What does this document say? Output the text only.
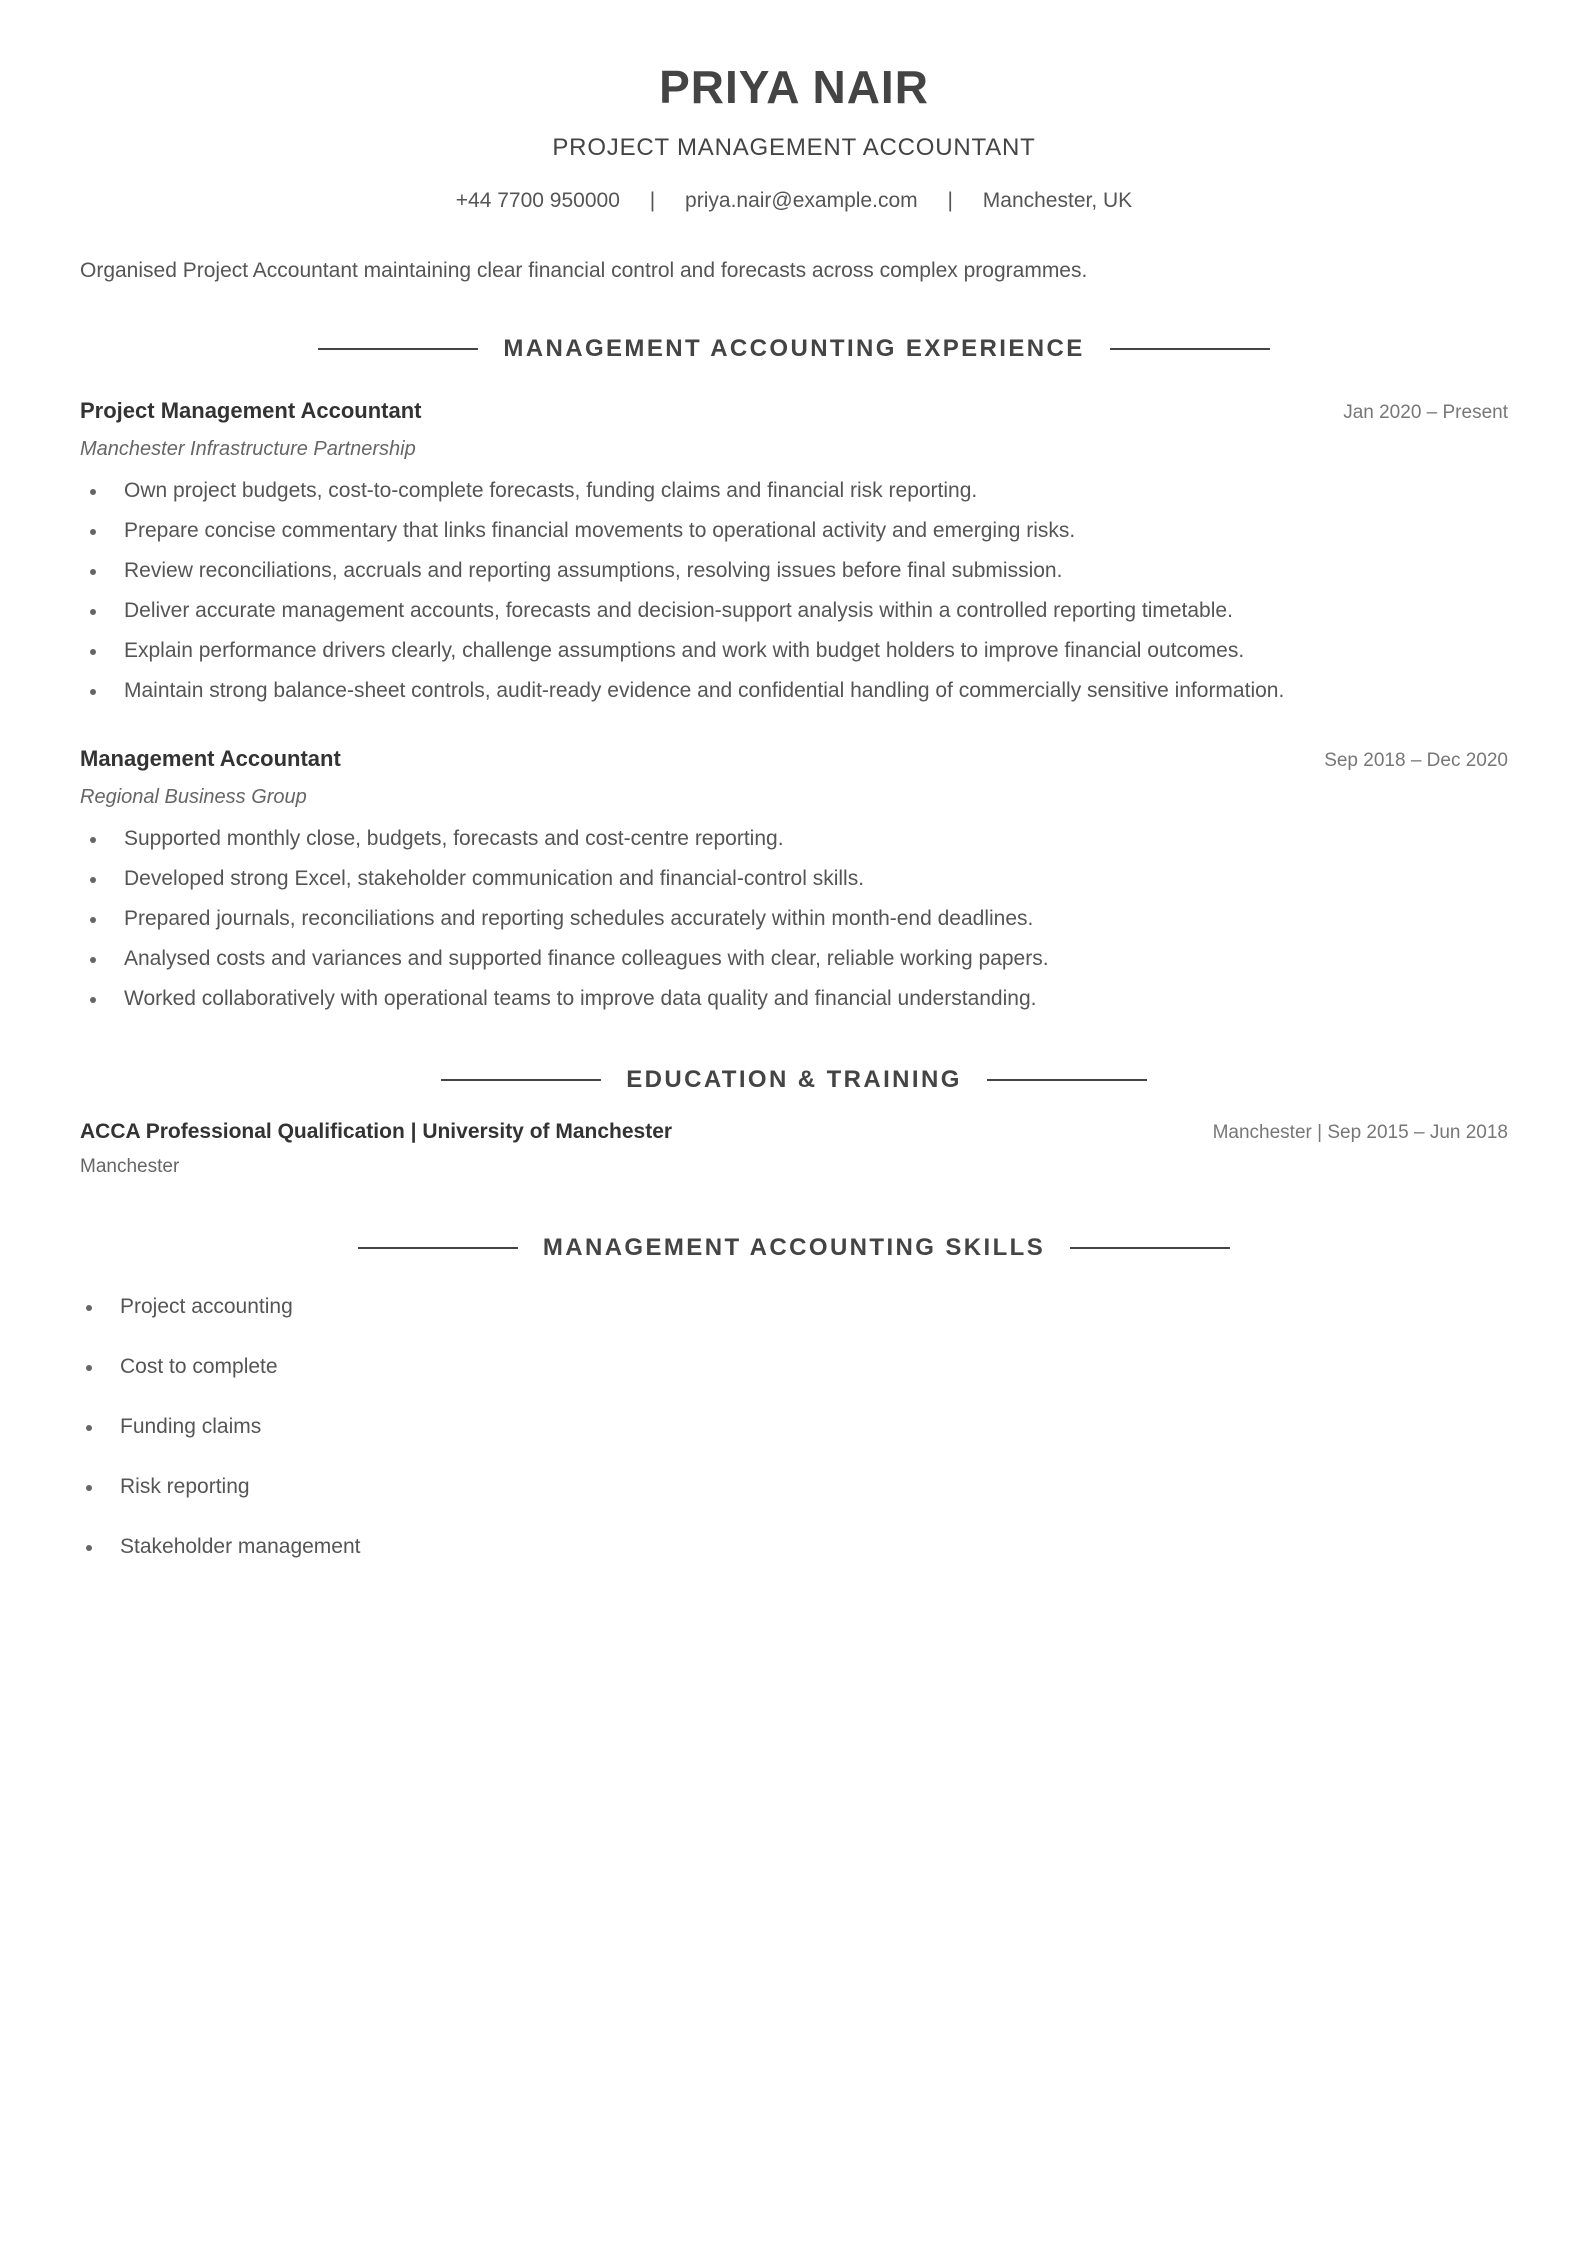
PRIYA NAIR
PROJECT MANAGEMENT ACCOUNTANT
+44 7700 950000 | priya.nair@example.com | Manchester, UK
Organised Project Accountant maintaining clear financial control and forecasts across complex programmes.
MANAGEMENT ACCOUNTING EXPERIENCE
Project Management Accountant	Jan 2020 – Present
Manchester Infrastructure Partnership
Own project budgets, cost-to-complete forecasts, funding claims and financial risk reporting.
Prepare concise commentary that links financial movements to operational activity and emerging risks.
Review reconciliations, accruals and reporting assumptions, resolving issues before final submission.
Deliver accurate management accounts, forecasts and decision-support analysis within a controlled reporting timetable.
Explain performance drivers clearly, challenge assumptions and work with budget holders to improve financial outcomes.
Maintain strong balance-sheet controls, audit-ready evidence and confidential handling of commercially sensitive information.
Management Accountant	Sep 2018 – Dec 2020
Regional Business Group
Supported monthly close, budgets, forecasts and cost-centre reporting.
Developed strong Excel, stakeholder communication and financial-control skills.
Prepared journals, reconciliations and reporting schedules accurately within month-end deadlines.
Analysed costs and variances and supported finance colleagues with clear, reliable working papers.
Worked collaboratively with operational teams to improve data quality and financial understanding.
EDUCATION & TRAINING
ACCA Professional Qualification | University of Manchester	Manchester | Sep 2015 – Jun 2018
Manchester
MANAGEMENT ACCOUNTING SKILLS
Project accounting
Cost to complete
Funding claims
Risk reporting
Stakeholder management
